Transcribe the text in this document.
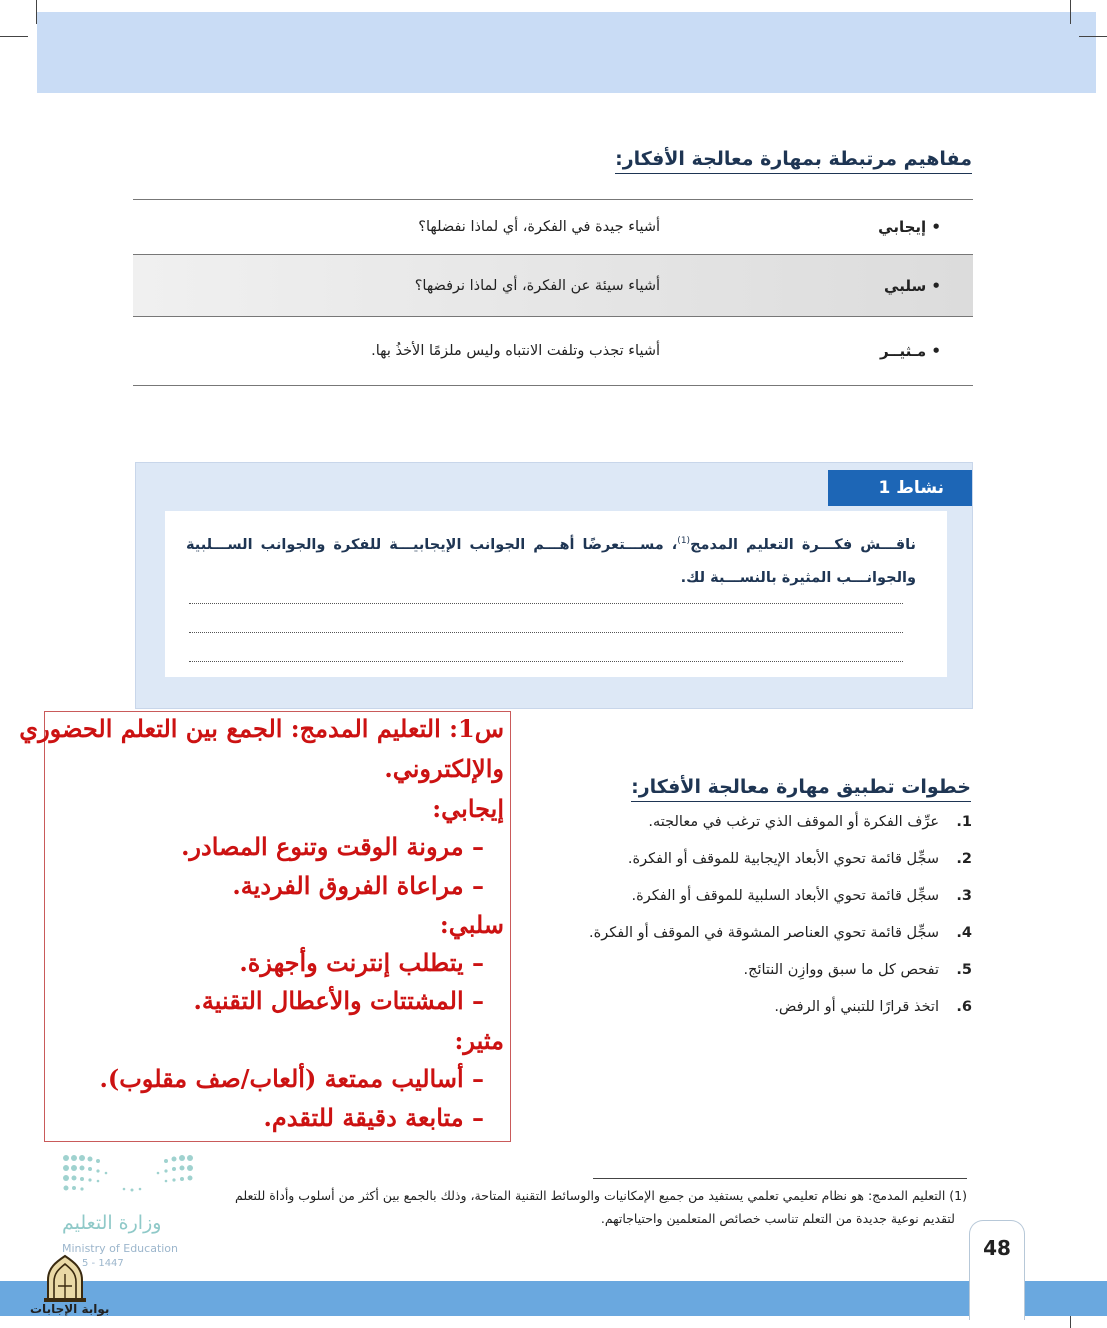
مفاهيم مرتبطة بمهارة معالجة الأفكار:
• إيجابي
أشياء جيدة في الفكرة، أي لماذا نفضلها؟
• سلبي
أشياء سيئة عن الفكرة، أي لماذا نرفضها؟
• مـثيــر
أشياء تجذب وتلفت الانتباه وليس ملزمًا الأخذُ بها.
نشاط 1
ناقـــش فكـــرة التعليم المدمج$^{(1)}$، مســـتعرضًا أهـــم الجوانب الإيجابيـــة للفكرة والجوانب الســـلبية والجوانـــب المثيرة بالنســـبة لك.
س1: التعليم المدمج: الجمع بين التعلم الحضوري
والإلكتروني.
إيجابي:
– مرونة الوقت وتنوع المصادر.
– مراعاة الفروق الفردية.
سلبي:
– يتطلب إنترنت وأجهزة.
– المشتتات والأعطال التقنية.
مثير:
– أساليب ممتعة (ألعاب/صف مقلوب).
– متابعة دقيقة للتقدم.
خطوات تطبيق مهارة معالجة الأفكار:
1.
عرِّف الفكرة أو الموقف الذي ترغب في معالجته.
2.
سجِّل قائمة تحوي الأبعاد الإيجابية للموقف أو الفكرة.
3.
سجِّل قائمة تحوي الأبعاد السلبية للموقف أو الفكرة.
4.
سجِّل قائمة تحوي العناصر المشوقة في الموقف أو الفكرة.
5.
تفحص كل ما سبق ووازِن النتائج.
6.
اتخذ قرارًا للتبني أو الرفض.
(1) التعليم المدمج: هو نظام تعليمي تعلمي يستفيد من جميع الإمكانيات والوسائط التقنية المتاحة، وذلك بالجمع بين أكثر من أسلوب وأداة للتعلم
لتقديم نوعية جديدة من التعلم تناسب خصائص المتعلمين واحتياجاتهم.
وزارة التعليم
Ministry of Education
5 - 1447
48
بوابة الإجابات
